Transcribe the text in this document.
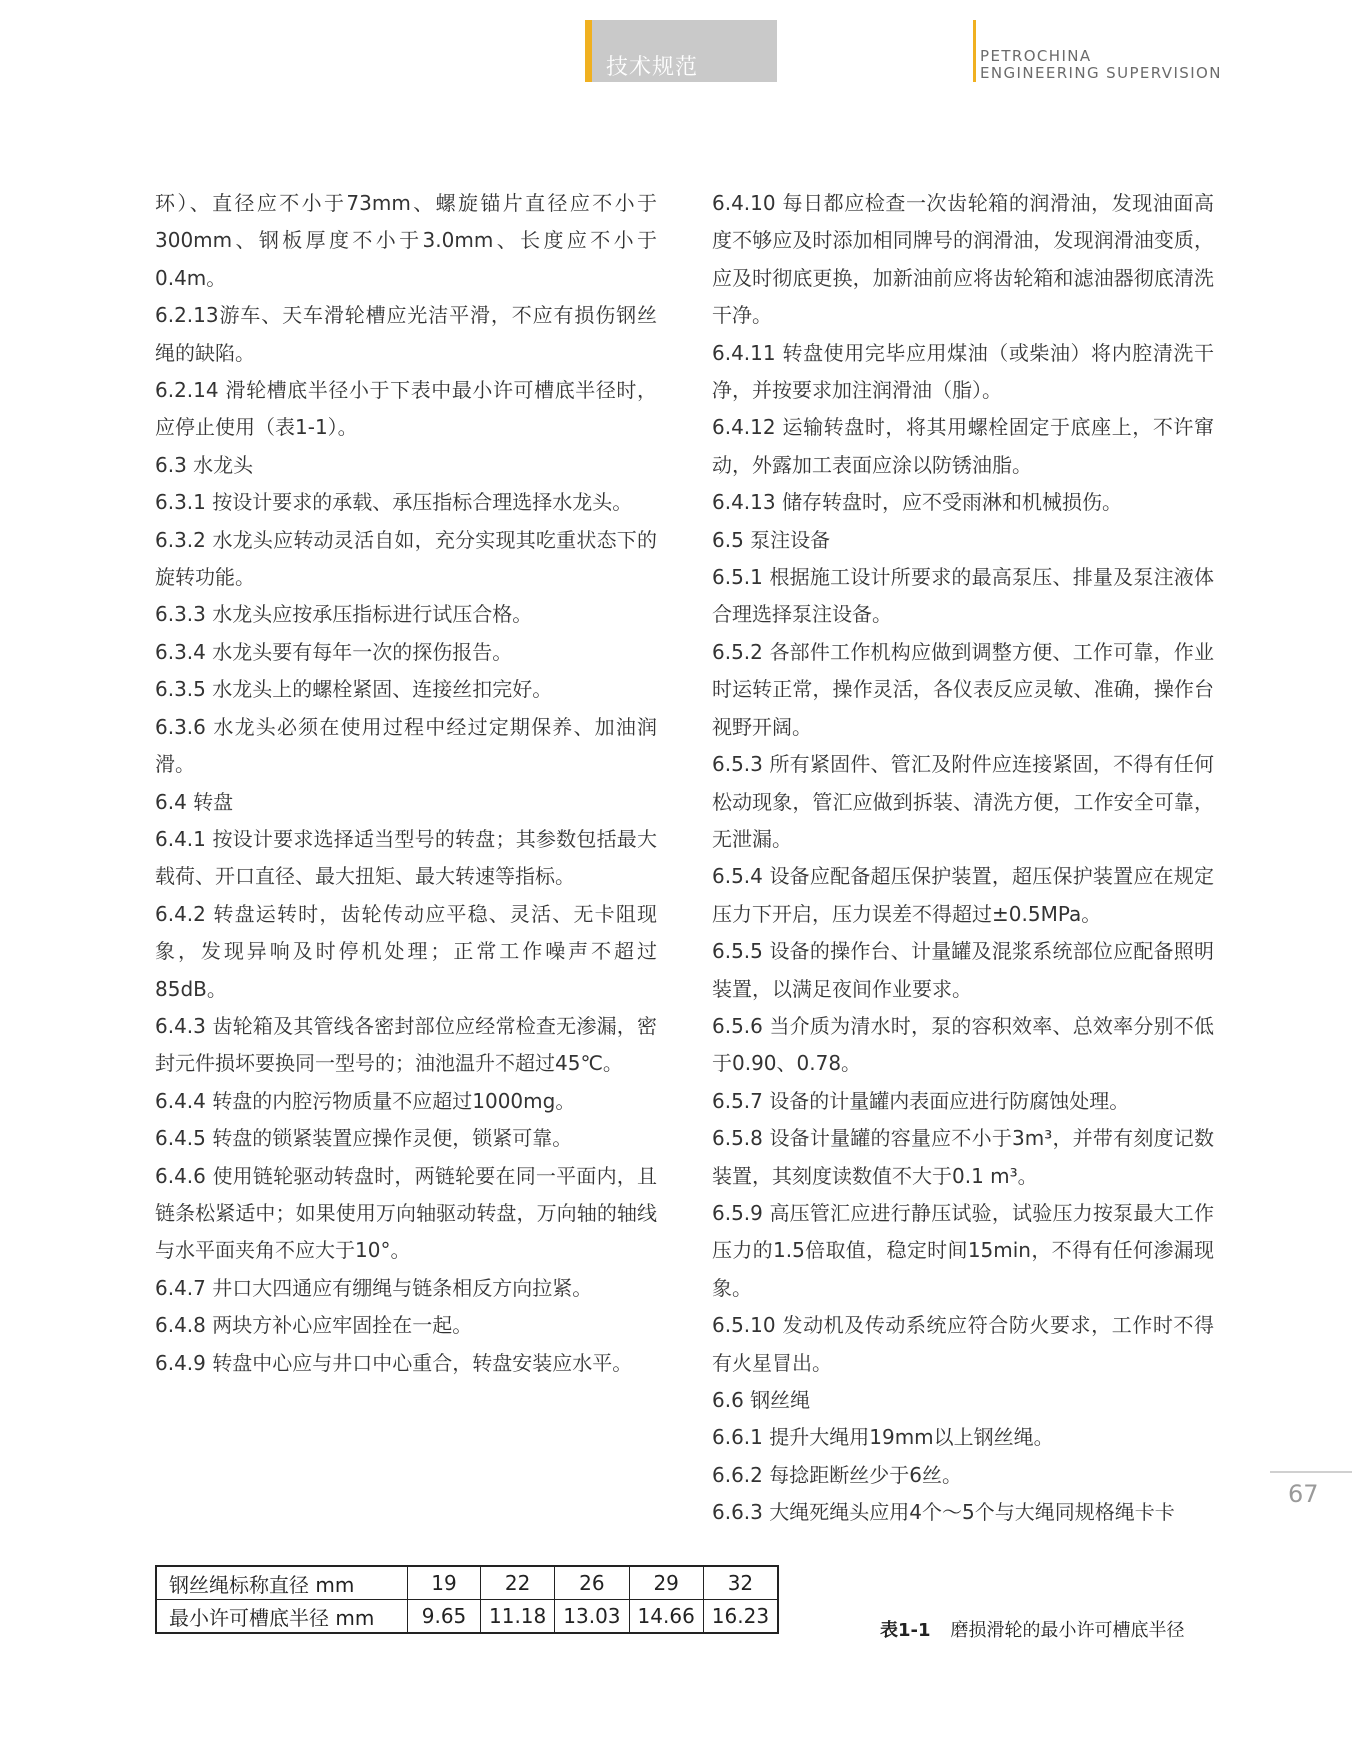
技术规范	PETROCHINA
ENGINEERING SUPERVISION

环）、直径应不小于73mm、螺旋锚片直径应不小于300mm、钢板厚度不小于3.0mm、长度应不小于0.4m。

6.2.13游车、天车滑轮槽应光洁平滑，不应有损伤钢丝绳的缺陷。

6.2.14 滑轮槽底半径小于下表中最小许可槽底半径时，应停止使用（表1-1）。

6.3 水龙头

6.3.1 按设计要求的承载、承压指标合理选择水龙头。

6.3.2 水龙头应转动灵活自如，充分实现其吃重状态下的旋转功能。

6.3.3 水龙头应按承压指标进行试压合格。

6.3.4 水龙头要有每年一次的探伤报告。

6.3.5 水龙头上的螺栓紧固、连接丝扣完好。

6.3.6 水龙头必须在使用过程中经过定期保养、加油润滑。

6.4 转盘

6.4.1 按设计要求选择适当型号的转盘；其参数包括最大载荷、开口直径、最大扭矩、最大转速等指标。

6.4.2 转盘运转时，齿轮传动应平稳、灵活、无卡阻现象，发现异响及时停机处理；正常工作噪声不超过85dB。

6.4.3 齿轮箱及其管线各密封部位应经常检查无渗漏，密封元件损坏要换同一型号的；油池温升不超过45℃。

6.4.4 转盘的内腔污物质量不应超过1000mg。

6.4.5 转盘的锁紧装置应操作灵便，锁紧可靠。

6.4.6 使用链轮驱动转盘时，两链轮要在同一平面内，且链条松紧适中；如果使用万向轴驱动转盘，万向轴的轴线与水平面夹角不应大于10°。

6.4.7 井口大四通应有绷绳与链条相反方向拉紧。

6.4.8 两块方补心应牢固拴在一起。

6.4.9 转盘中心应与井口中心重合，转盘安装应水平。

6.4.10 每日都应检查一次齿轮箱的润滑油，发现油面高度不够应及时添加相同牌号的润滑油，发现润滑油变质，应及时彻底更换，加新油前应将齿轮箱和滤油器彻底清洗干净。

6.4.11 转盘使用完毕应用煤油（或柴油）将内腔清洗干净，并按要求加注润滑油（脂）。

6.4.12 运输转盘时，将其用螺栓固定于底座上，不许窜动，外露加工表面应涂以防锈油脂。

6.4.13 储存转盘时，应不受雨淋和机械损伤。

6.5 泵注设备

6.5.1 根据施工设计所要求的最高泵压、排量及泵注液体合理选择泵注设备。

6.5.2 各部件工作机构应做到调整方便、工作可靠，作业时运转正常，操作灵活，各仪表反应灵敏、准确，操作台视野开阔。

6.5.3 所有紧固件、管汇及附件应连接紧固，不得有任何松动现象，管汇应做到拆装、清洗方便，工作安全可靠，无泄漏。

6.5.4 设备应配备超压保护装置，超压保护装置应在规定压力下开启，压力误差不得超过±0.5MPa。

6.5.5 设备的操作台、计量罐及混浆系统部位应配备照明装置，以满足夜间作业要求。

6.5.6 当介质为清水时，泵的容积效率、总效率分别不低于0.90、0.78。

6.5.7 设备的计量罐内表面应进行防腐蚀处理。

6.5.8 设备计量罐的容量应不小于3m³，并带有刻度记数装置，其刻度读数值不大于0.1 m³。

6.5.9 高压管汇应进行静压试验，试验压力按泵最大工作压力的1.5倍取值，稳定时间15min，不得有任何渗漏现象。

6.5.10 发动机及传动系统应符合防火要求，工作时不得有火星冒出。

6.6 钢丝绳

6.6.1 提升大绳用19mm以上钢丝绳。

6.6.2 每捻距断丝少于6丝。

6.6.3 大绳死绳头应用4个～5个与大绳同规格绳卡卡

67
钢丝绳标称直径 mm	19	22	26	29	32
最小许可槽底半径 mm	9.65	11.18	13.03	14.66	16.23
表1-1 磨损滑轮的最小许可槽底半径
